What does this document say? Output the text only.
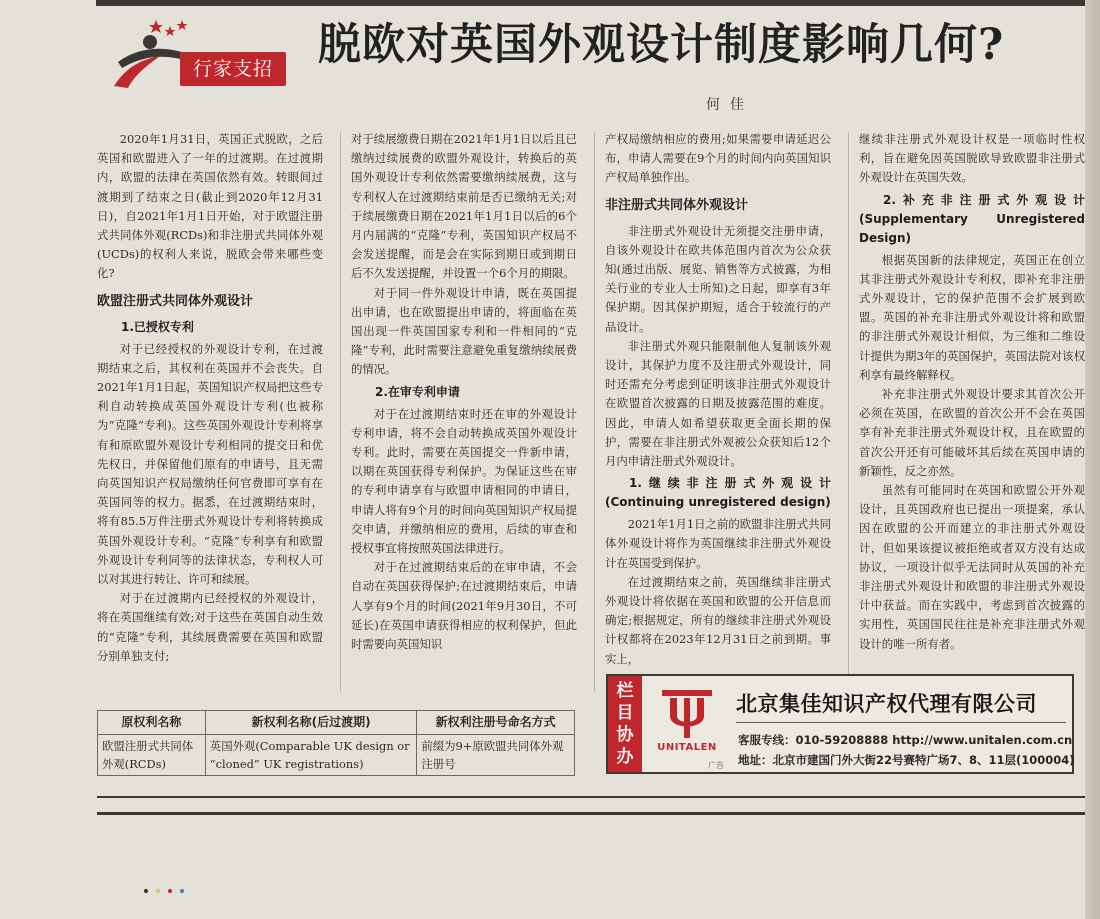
行家支招	脱欧对英国外观设计制度影响几何?
何佳

2020年1月31日，英国正式脱欧，之后英国和欧盟进入了一年的过渡期。在过渡期内，欧盟的法律在英国依然有效。转眼间过渡期到了结束之日(截止到2020年12月31日)，自2021年1月1日开始，对于欧盟注册式共同体外观(RCDs)和非注册式共同体外观(UCDs)的权利人来说，脱欧会带来哪些变化?

欧盟注册式共同体外观设计
1.已授权专利

对于已经授权的外观设计专利，在过渡期结束之后，其权利在英国并不会丧失。自2021年1月1日起，英国知识产权局把这些专利自动转换成英国外观设计专利(也被称为“克隆”专利)。这些英国外观设计专利将享有和原欧盟外观设计专利相同的提交日和优先权日，并保留他们原有的申请号，且无需向英国知识产权局缴纳任何官费即可享有在英国同等的权力。据悉，在过渡期结束时，将有85.5万件注册式外观设计专利将转换成英国外观设计专利。“克隆”专利享有和欧盟外观设计专利同等的法律状态，专利权人可以对其进行转让、许可和续展。

对于在过渡期内已经授权的外观设计，将在英国继续有效;对于这些在英国自动生效的“克隆”专利，其续展费需要在英国和欧盟分别单独支付;

对于续展缴费日期在2021年1月1日以后且已缴纳过续展费的欧盟外观设计，转换后的英国外观设计专利依然需要缴纳续展费，这与专利权人在过渡期结束前是否已缴纳无关;对于续展缴费日期在2021年1月1日以后的6个月内届满的“克隆”专利，英国知识产权局不会发送提醒，而是会在实际到期日或到期日后不久发送提醒，并设置一个6个月的期限。

对于同一件外观设计申请，既在英国提出申请，也在欧盟提出申请的，将面临在英国出现一件英国国家专利和一件相同的“克隆”专利，此时需要注意避免重复缴纳续展费的情况。

2.在审专利申请

对于在过渡期结束时还在审的外观设计专利申请，将不会自动转换成英国外观设计专利。此时，需要在英国提交一件新申请，以期在英国获得专利保护。为保证这些在审的专利申请享有与欧盟申请相同的申请日，申请人将有9个月的时间向英国知识产权局提交申请，并缴纳相应的费用，后续的审查和授权事宜将按照英国法律进行。

对于在过渡期结束后的在审申请，不会自动在英国获得保护;在过渡期结束后，申请人享有9个月的时间(2021年9月30日，不可延长)在英国申请获得相应的权利保护，但此时需要向英国知识

产权局缴纳相应的费用;如果需要申请延迟公布，申请人需要在9个月的时间内向英国知识产权局单独作出。

非注册式共同体外观设计

非注册式外观设计无须提交注册申请，自该外观设计在欧共体范围内首次为公众获知(通过出版、展览、销售等方式披露，为相关行业的专业人士所知)之日起，即享有3年保护期。因其保护期短，适合于较流行的产品设计。

非注册式外观只能限制他人复制该外观设计，其保护力度不及注册式外观设计，同时还需充分考虑到证明该非注册式外观设计在欧盟首次披露的日期及披露范围的难度。因此，申请人如希望获取更全面长期的保护，需要在非注册式外观被公众获知后12个月内申请注册式外观设计。

1.继续非注册式外观设计(Continuing unregistered design)

2021年1月1日之前的欧盟非注册式共同体外观设计将作为英国继续非注册式外观设计在英国受到保护。

在过渡期结束之前，英国继续非注册式外观设计将依据在英国和欧盟的公开信息而确定;根据规定，所有的继续非注册式外观设计权都将在2023年12月31日之前到期。事实上，

继续非注册式外观设计权是一项临时性权利，旨在避免因英国脱欧导致欧盟非注册式外观设计在英国失效。

2.补充非注册式外观设计(Supplementary Unregistered Design)

根据英国新的法律规定，英国正在创立其非注册式外观设计专利权，即补充非注册式外观设计，它的保护范围不会扩展到欧盟。英国的补充非注册式外观设计将和欧盟的非注册式外观设计相似，为三维和二维设计提供为期3年的英国保护，英国法院对该权利享有最终解释权。

补充非注册式外观设计要求其首次公开必须在英国，在欧盟的首次公开不会在英国享有补充非注册式外观设计权，且在欧盟的首次公开还有可能破坏其后续在英国申请的新颖性，反之亦然。

虽然有可能同时在英国和欧盟公开外观设计，且英国政府也已提出一项提案，承认因在欧盟的公开而建立的非注册式外观设计，但如果该提议被拒绝或者双方没有达成协议，一项设计似乎无法同时从英国的补充非注册式外观设计和欧盟的非注册式外观设计中获益。而在实践中，考虑到首次披露的实用性，英国国民往往是补充非注册式外观设计的唯一所有者。

原权利名称	新权利名称(后过渡期)	新权利注册号命名方式
欧盟注册式共同体外观(RCDs)	英国外观(Comparable UK design or “cloned” UK registrations)	前缀为9+原欧盟共同体外观注册号
栏
目
协
办	UNITALEN
广告
北京集佳知识产权代理有限公司
客服专线：010-59208888 http://www.unitalen.com.cn
地址：北京市建国门外大街22号赛特广场7、8、11层(100004)
